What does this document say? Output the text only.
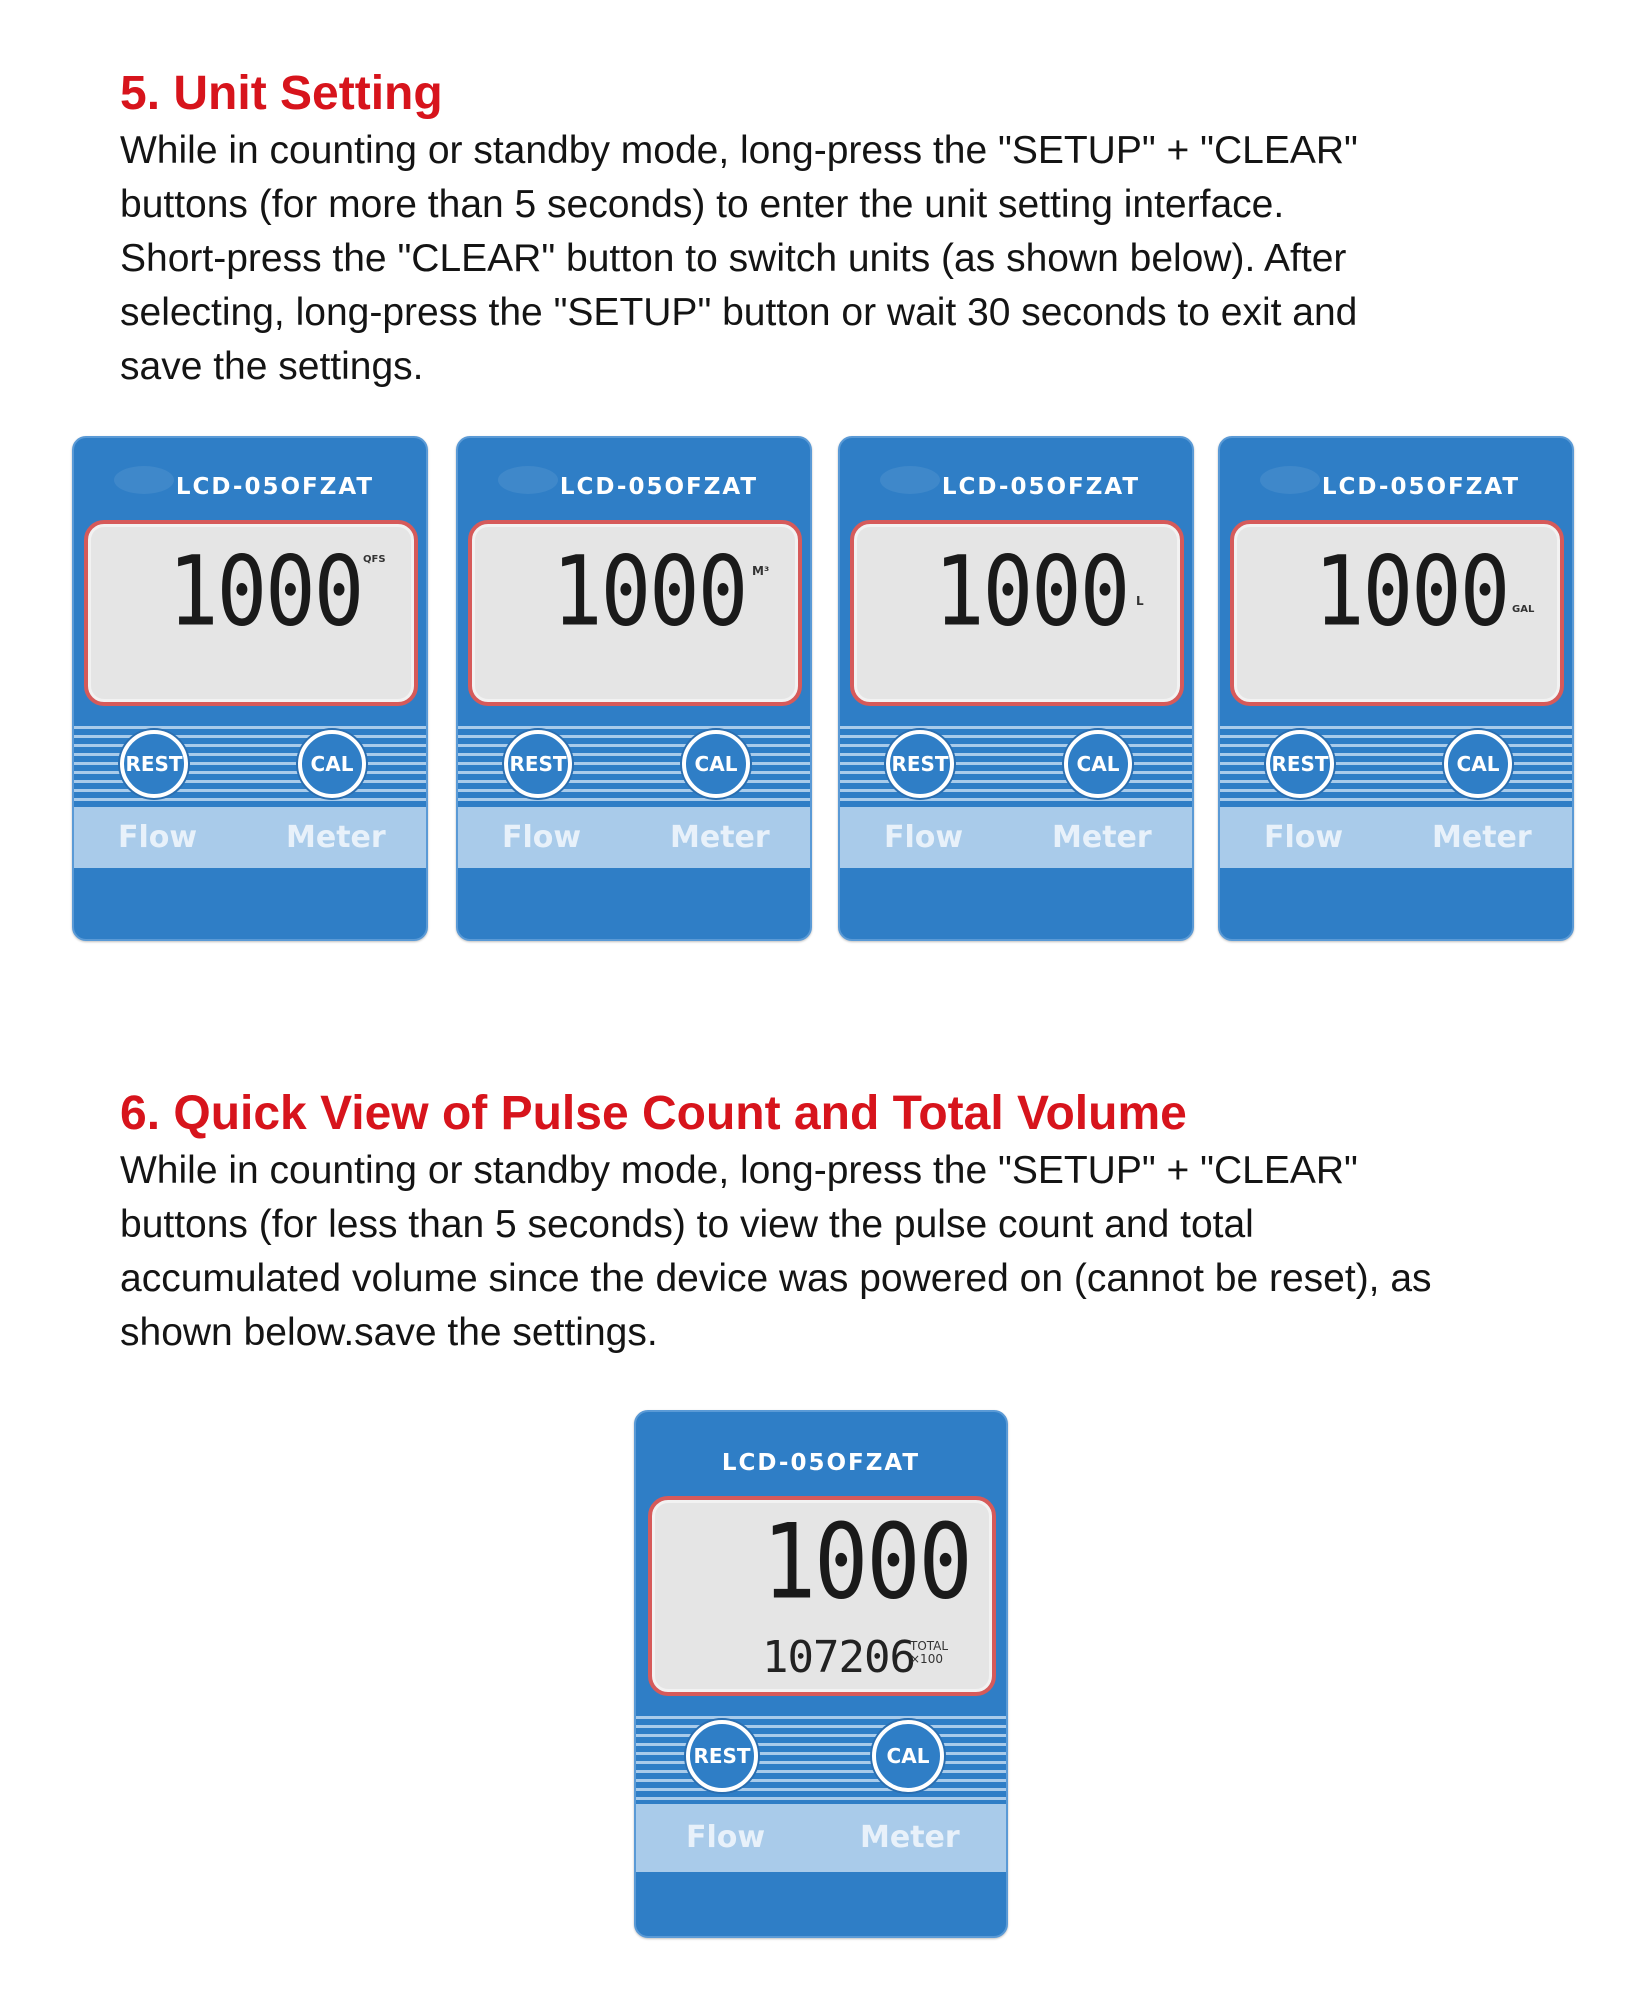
5. Unit Setting
While in counting or standby mode, long-press the "SETUP" + "CLEAR"
buttons (for more than 5 seconds) to enter the unit setting interface.
Short-press the "CLEAR" button to switch units (as shown below). After
selecting, long-press the "SETUP" button or wait 30 seconds to exit and
save the settings.
LCD-05OFZAT
1000 QFS
REST	CAL
Flow	Meter
LCD-05OFZAT
1000 M³
REST	CAL
Flow	Meter
LCD-05OFZAT
1000 L
REST	CAL
Flow	Meter
LCD-05OFZAT
1000 GAL
REST	CAL
Flow	Meter
6. Quick View of Pulse Count and Total Volume
While in counting or standby mode, long-press the "SETUP" + "CLEAR"
buttons (for less than 5 seconds) to view the pulse count and total
accumulated volume since the device was powered on (cannot be reset), as
shown below.save the settings.
LCD-05OFZAT
1000
107206
TOTAL
×100
REST	CAL
Flow	Meter
